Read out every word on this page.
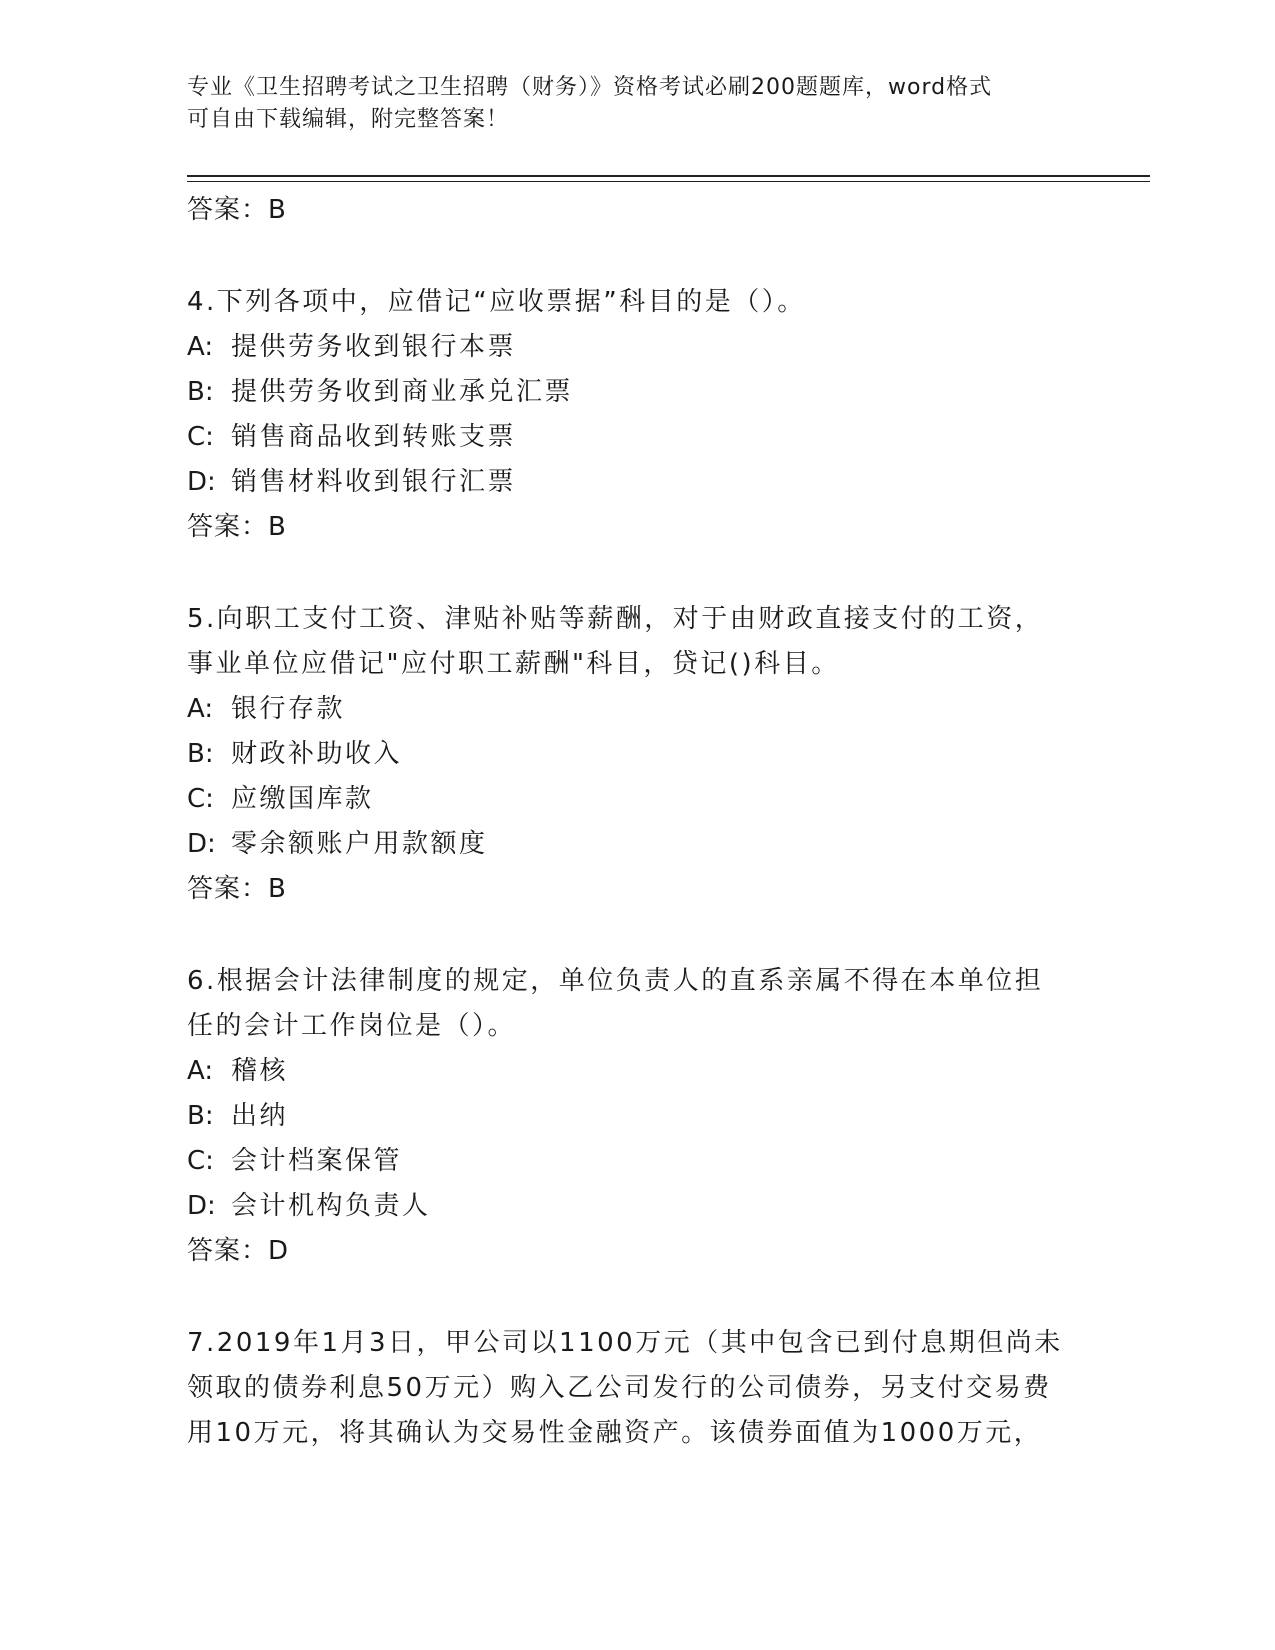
专业《卫生招聘考试之卫生招聘（财务）》资格考试必刷200题题库，word格式
可自由下载编辑，附完整答案！
答案：B
4.下列各项中，应借记“应收票据”科目的是（）。
A: 提供劳务收到银行本票
B: 提供劳务收到商业承兑汇票
C: 销售商品收到转账支票
D: 销售材料收到银行汇票
答案：B
5.向职工支付工资、津贴补贴等薪酬，对于由财政直接支付的工资，
事业单位应借记"应付职工薪酬"科目，贷记()科目。
A: 银行存款
B: 财政补助收入
C: 应缴国库款
D: 零余额账户用款额度
答案：B
6.根据会计法律制度的规定，单位负责人的直系亲属不得在本单位担
任的会计工作岗位是（）。
A: 稽核
B: 出纳
C: 会计档案保管
D: 会计机构负责人
答案：D
7.2019年1月3日，甲公司以1100万元（其中包含已到付息期但尚未
领取的债券利息50万元）购入乙公司发行的公司债券，另支付交易费
用10万元，将其确认为交易性金融资产。该债券面值为1000万元，
